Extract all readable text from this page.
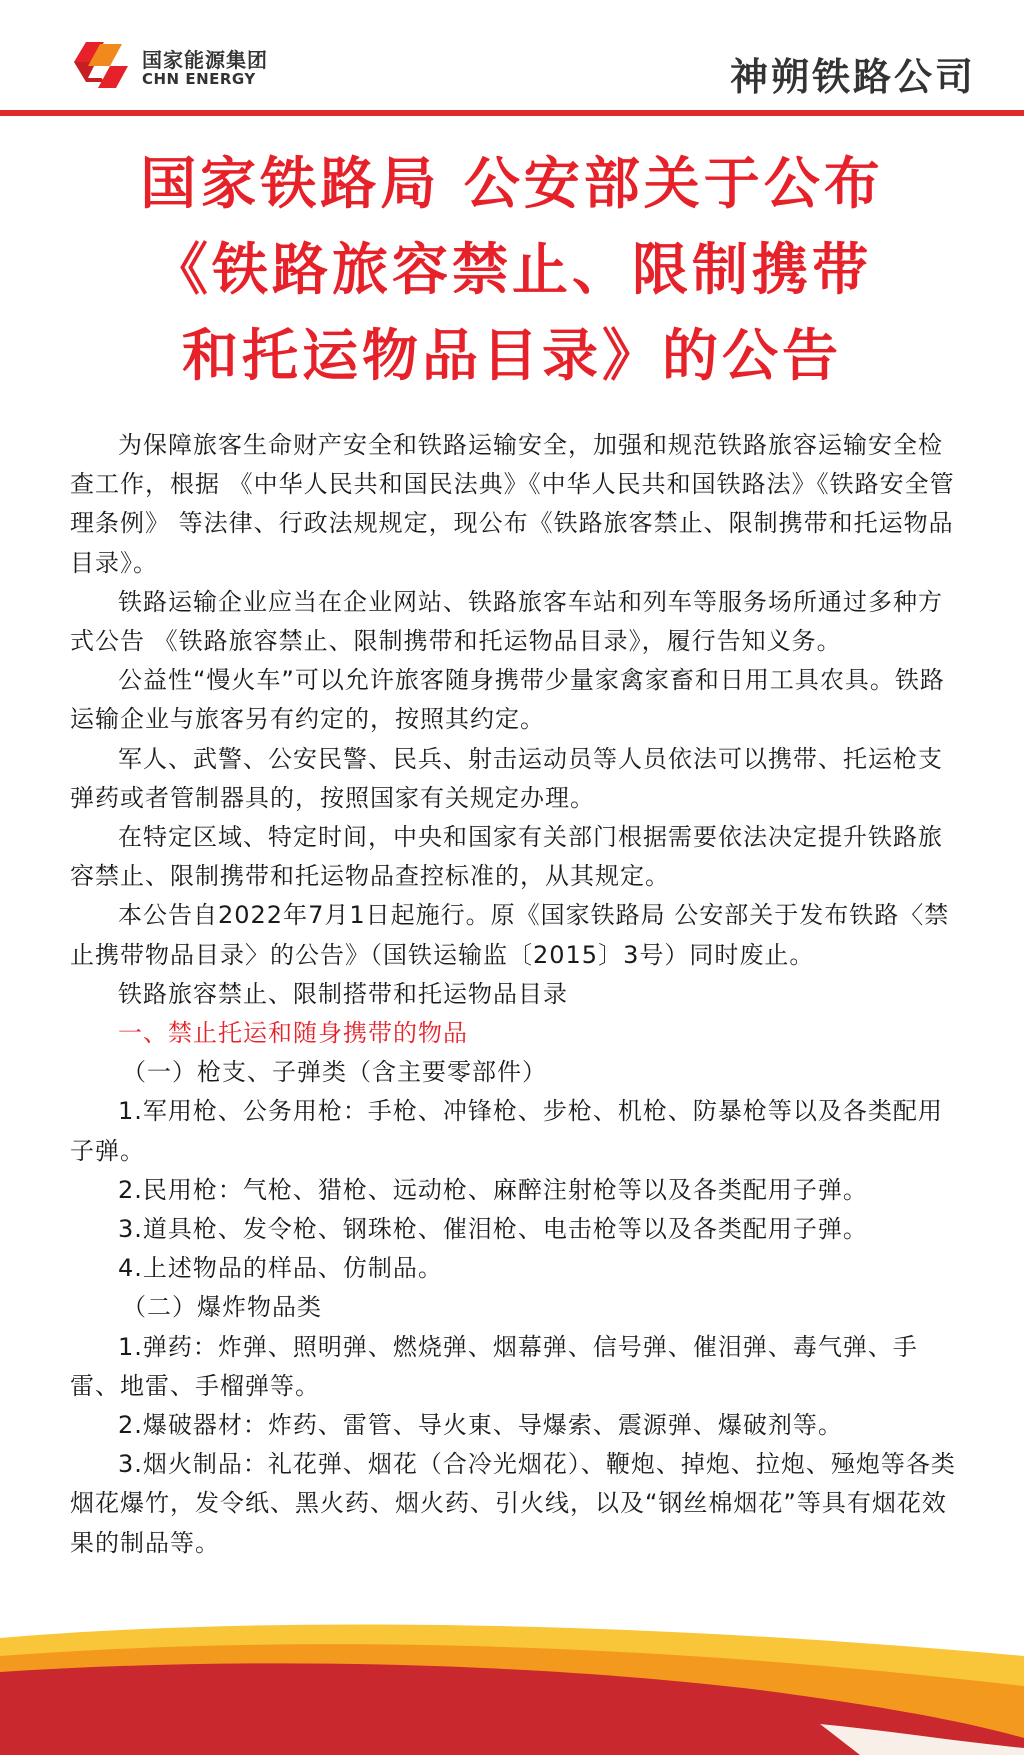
国家能源集团
CHN ENERGY	神朔铁路公司
国家铁路局 公安部关于公布
《铁路旅容禁止、限制携带
和托运物品目录》的公告

为保障旅客生命财产安全和铁路运输安全，加强和规范铁路旅容运输安全检查工作，根据 《中华人民共和国民法典》《中华人民共和国铁路法》《铁路安全管理条例》 等法律、行政法规规定，现公布《铁路旅客禁止、限制携带和托运物品目录》。

铁路运输企业应当在企业网站、铁路旅客车站和列车等服务场所通过多种方式公告 《铁路旅容禁止、限制携带和托运物品目录》，履行告知义务。

公益性“慢火车”可以允许旅客随身携带少量家禽家畜和日用工具农具。铁路运输企业与旅客另有约定的，按照其约定。

军人、武警、公安民警、民兵、射击运动员等人员依法可以携带、托运枪支弹药或者管制器具的，按照国家有关规定办理。

在特定区域、特定时间，中央和国家有关部门根据需要依法决定提升铁路旅容禁止、限制携带和托运物品查控标准的，从其规定。

本公告自2022年7月1日起施行。原《国家铁路局 公安部关于发布铁路〈禁止携带物品目录〉的公告》（国铁运输监〔2015〕3号）同时废止。

铁路旅容禁止、限制搭带和托运物品目录

一、禁止托运和随身携带的物品

（一）枪支、子弹类（含主要零部件）

1.军用枪、公务用枪：手枪、冲锋枪、步枪、机枪、防暴枪等以及各类配用子弹。

2.民用枪：气枪、猎枪、远动枪、麻醉注射枪等以及各类配用子弹。

3.道具枪、发令枪、钢珠枪、催泪枪、电击枪等以及各类配用子弹。

4.上述物品的样品、仿制品。

（二）爆炸物品类

1.弹药：炸弹、照明弹、燃烧弹、烟幕弹、信号弹、催泪弹、毒气弹、手雷、地雷、手榴弹等。

2.爆破器材：炸药、雷管、导火東、导爆索、震源弹、爆破剂等。

3.烟火制品：礼花弹、烟花（合冷光烟花）、鞭炮、掉炮、拉炮、殛炮等各类烟花爆竹，发令纸、黑火药、烟火药、引火线，以及“钢丝棉烟花”等具有烟花效果的制品等。
